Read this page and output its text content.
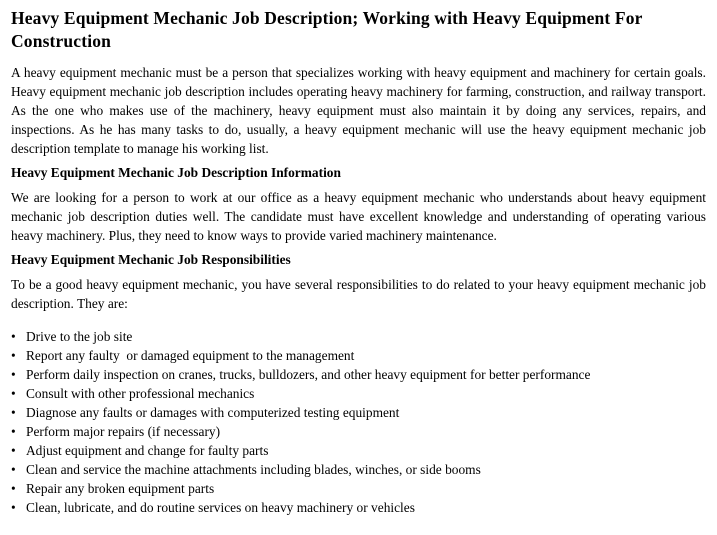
Heavy Equipment Mechanic Job Description; Working with Heavy Equipment For Construction

A heavy equipment mechanic must be a person that specializes working with heavy equipment and machinery for certain goals. Heavy equipment mechanic job description includes operating heavy machinery for farming, construction, and railway transport. As the one who makes use of the machinery, heavy equipment must also maintain it by doing any services, repairs, and inspections. As he has many tasks to do, usually, a heavy equipment mechanic will use the heavy equipment mechanic job description template to manage his working list.

Heavy Equipment Mechanic Job Description Information

We are looking for a person to work at our office as a heavy equipment mechanic who understands about heavy equipment mechanic job description duties well. The candidate must have excellent knowledge and understanding of operating various heavy machinery. Plus, they need to know ways to provide varied machinery maintenance.

Heavy Equipment Mechanic Job Responsibilities

To be a good heavy equipment mechanic, you have several responsibilities to do related to your heavy equipment mechanic job description. They are:

• Drive to the job site
• Report any faulty  or damaged equipment to the management
• Perform daily inspection on cranes, trucks, bulldozers, and other heavy equipment for better performance
• Consult with other professional mechanics
• Diagnose any faults or damages with computerized testing equipment
• Perform major repairs (if necessary)
• Adjust equipment and change for faulty parts
• Clean and service the machine attachments including blades, winches, or side booms
• Repair any broken equipment parts
• Clean, lubricate, and do routine services on heavy machinery or vehicles
